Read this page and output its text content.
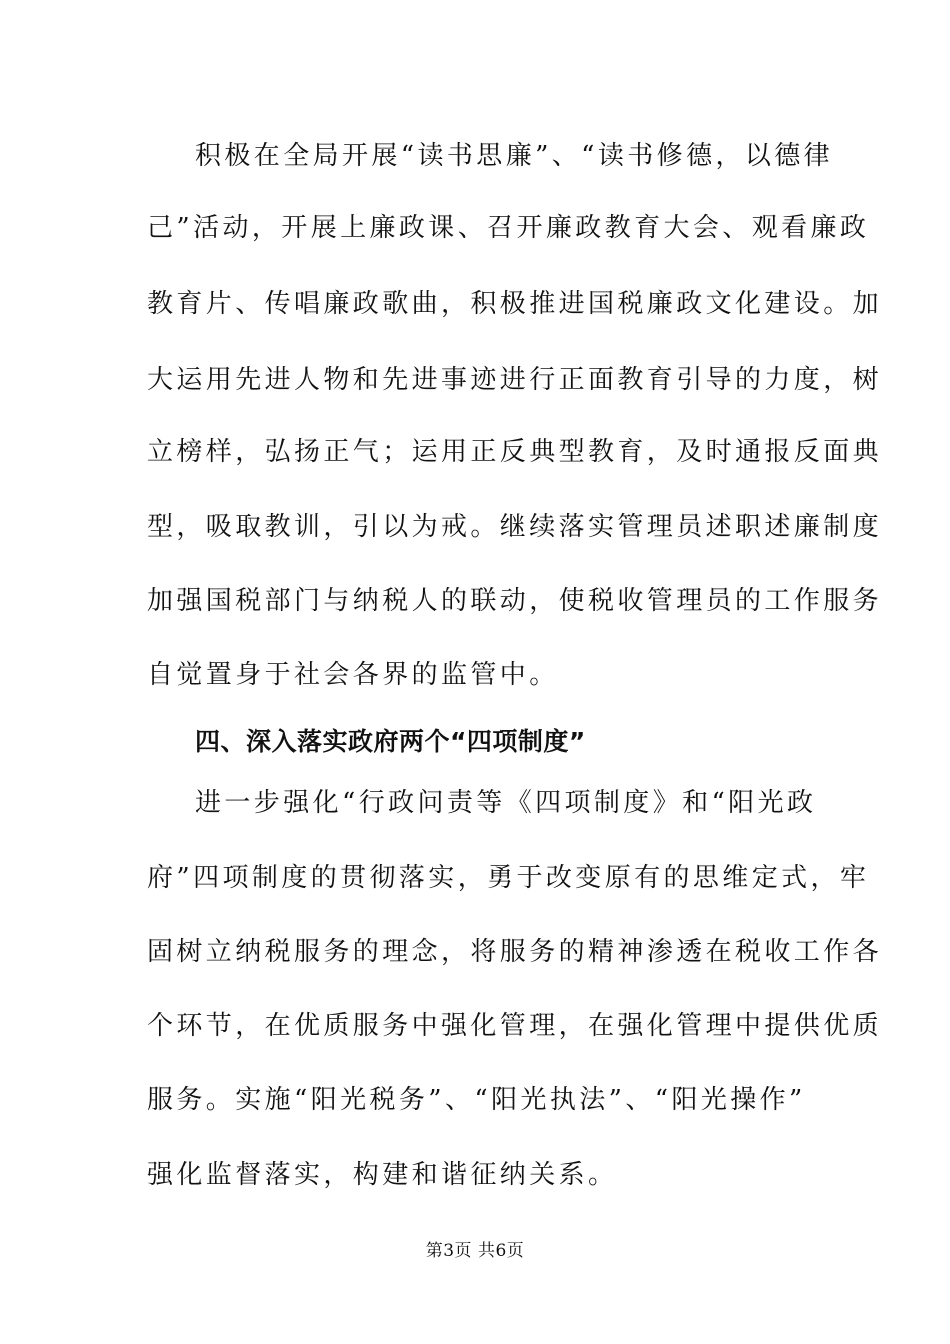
积极在全局开展“读书思廉”、“读书修德，以德律
己”活动，开展上廉政课、召开廉政教育大会、观看廉政
教育片、传唱廉政歌曲，积极推进国税廉政文化建设。加
大运用先进人物和先进事迹进行正面教育引导的力度，树
立榜样，弘扬正气；运用正反典型教育，及时通报反面典
型，吸取教训，引以为戒。继续落实管理员述职述廉制度
加强国税部门与纳税人的联动，使税收管理员的工作服务
自觉置身于社会各界的监管中。
四、深入落实政府两个“四项制度”
进一步强化“行政问责等《四项制度》和“阳光政
府”四项制度的贯彻落实，勇于改变原有的思维定式，牢
固树立纳税服务的理念，将服务的精神渗透在税收工作各
个环节，在优质服务中强化管理，在强化管理中提供优质
服务。实施“阳光税务”、“阳光执法”、“阳光操作”
强化监督落实，构建和谐征纳关系。
第3页 共6页
